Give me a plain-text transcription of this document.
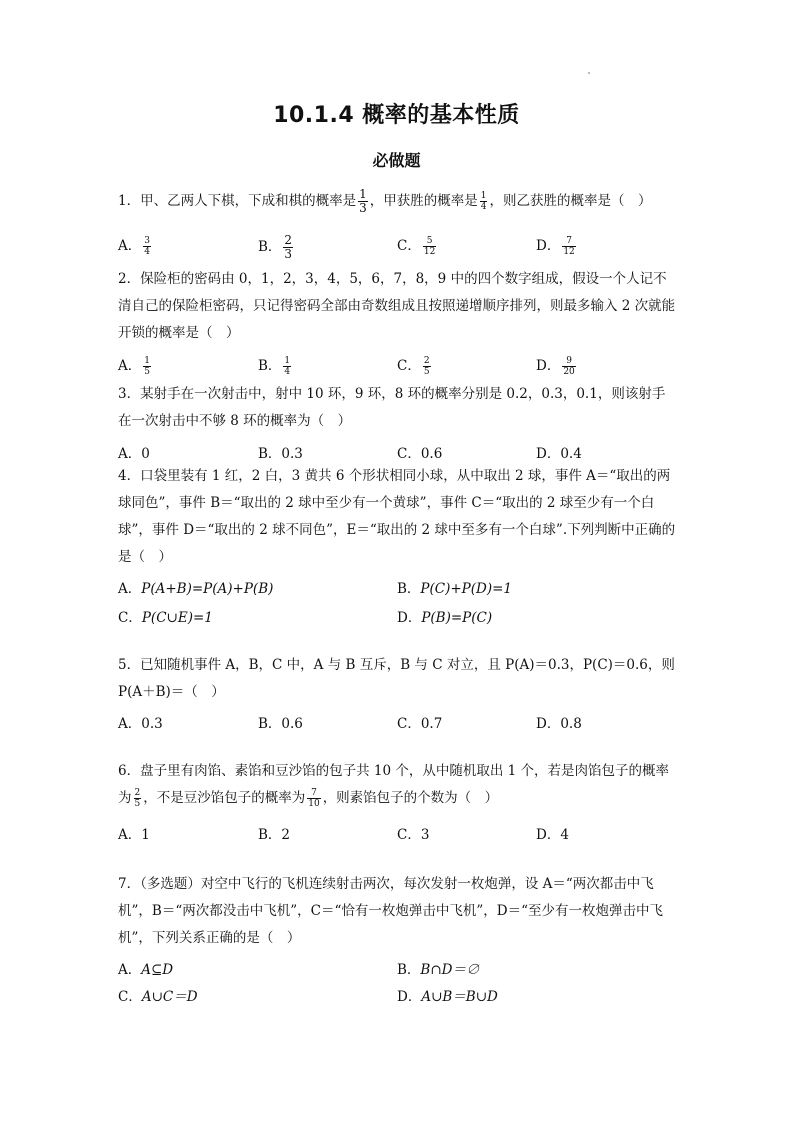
10.1.4 概率的基本性质
必做题
1．甲、乙两人下棋，下成和棋的概率是 $\frac{1}{3}$ ，甲获胜的概率是 $\frac{1}{4}$ ，则乙获胜的概率是（　）
A． $\frac{3}{4}$	B． $\frac{2}{3}$	C． $\frac{5}{12}$	D． $\frac{7}{12}$
2．保险柜的密码由 0，1，2，3，4，5，6，7，8，9 中的四个数字组成，假设一个人记不清自己的保险柜密码，只记得密码全部由奇数组成且按照递增顺序排列，则最多输入 2 次就能开锁的概率是（　）
A． $\frac{1}{5}$	B． $\frac{1}{4}$	C． $\frac{2}{5}$	D． $\frac{9}{20}$
3．某射手在一次射击中，射中 10 环，9 环，8 环的概率分别是 0.2，0.3，0.1，则该射手在一次射击中不够 8 环的概率为（　）
A．0	B．0.3	C．0.6	D．0.4
4．口袋里装有 1 红，2 白，3 黄共 6 个形状相同小球，从中取出 2 球，事件 A＝“取出的两球同色”，事件 B＝“取出的 2 球中至少有一个黄球”，事件 C＝“取出的 2 球至少有一个白球”，事件 D＝“取出的 2 球不同色”，E＝“取出的 2 球中至多有一个白球”.下列判断中正确的是（　）
A．P(A+B)=P(A)+P(B)	B．P(C)+P(D)=1
C．P(C∪E)=1	D．P(B)=P(C)
5．已知随机事件 A，B，C 中，A 与 B 互斥，B 与 C 对立，且 P(A)＝0.3，P(C)＝0.6，则 P(A＋B)＝（　）
A．0.3	B．0.6	C．0.7	D．0.8
6．盘子里有肉馅、素馅和豆沙馅的包子共 10 个，从中随机取出 1 个，若是肉馅包子的概率为 $\frac{2}{5}$ ，不是豆沙馅包子的概率为 $\frac{7}{10}$ ，则素馅包子的个数为（　）
A．1	B．2	C．3	D．4
7．（多选题）对空中飞行的飞机连续射击两次，每次发射一枚炮弹，设 A＝“两次都击中飞机”，B＝“两次都没击中飞机”，C＝“恰有一枚炮弹击中飞机”，D＝“至少有一枚炮弹击中飞机”，下列关系正确的是（　）
A．A⊆D	B．B∩D＝∅
C．A∪C＝D	D．A∪B＝B∪D
